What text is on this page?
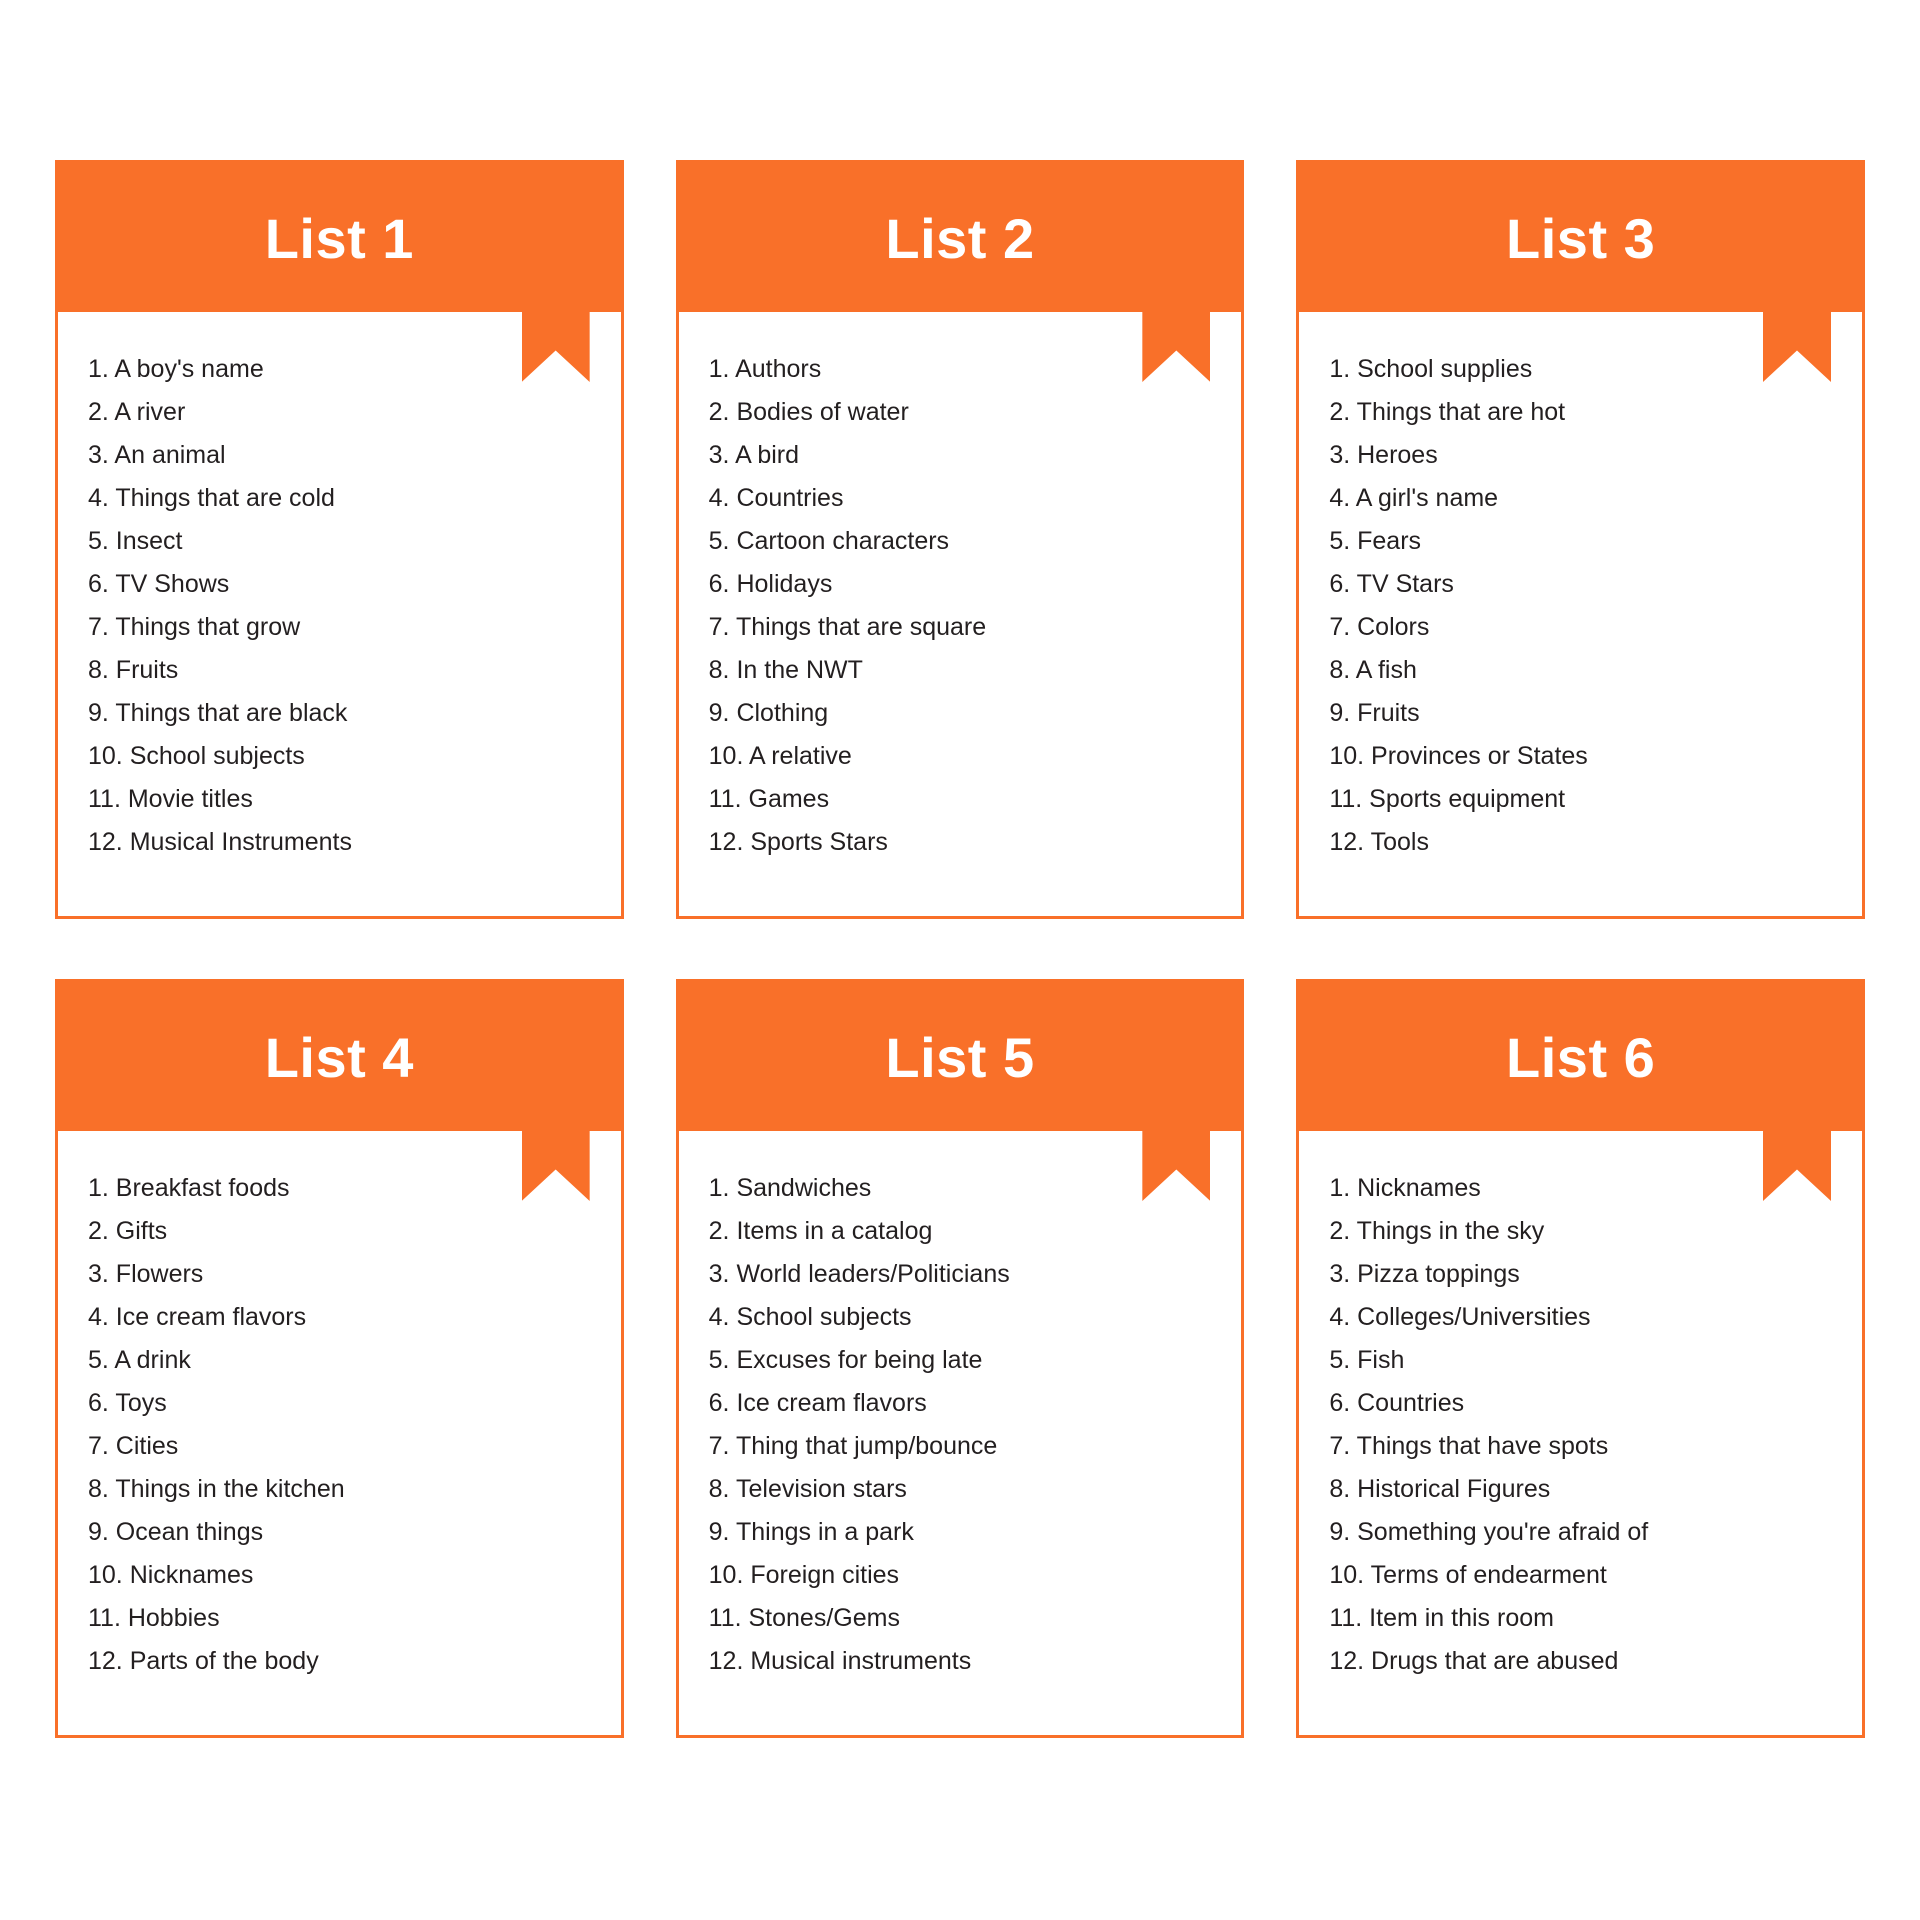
List 1
1. A boy's name
2. A river
3. An animal
4. Things that are cold
5. Insect
6. TV Shows
7. Things that grow
8. Fruits
9. Things that are black
10. School subjects
11. Movie titles
12. Musical Instruments
List 2
1. Authors
2. Bodies of water
3. A bird
4. Countries
5. Cartoon characters
6. Holidays
7. Things that are square
8. In the NWT
9. Clothing
10. A relative
11. Games
12. Sports Stars
List 3
1. School supplies
2. Things that are hot
3. Heroes
4. A girl's name
5. Fears
6. TV Stars
7. Colors
8. A fish
9. Fruits
10. Provinces or States
11. Sports equipment
12. Tools
List 4
1. Breakfast foods
2. Gifts
3. Flowers
4. Ice cream flavors
5. A drink
6. Toys
7. Cities
8. Things in the kitchen
9. Ocean things
10. Nicknames
11. Hobbies
12. Parts of the body
List 5
1. Sandwiches
2. Items in a catalog
3. World leaders/Politicians
4. School subjects
5. Excuses for being late
6. Ice cream flavors
7. Thing that jump/bounce
8. Television stars
9. Things in a park
10. Foreign cities
11. Stones/Gems
12. Musical instruments
List 6
1. Nicknames
2. Things in the sky
3. Pizza toppings
4. Colleges/Universities
5. Fish
6. Countries
7. Things that have spots
8. Historical Figures
9. Something you're afraid of
10. Terms of endearment
11. Item in this room
12. Drugs that are abused
